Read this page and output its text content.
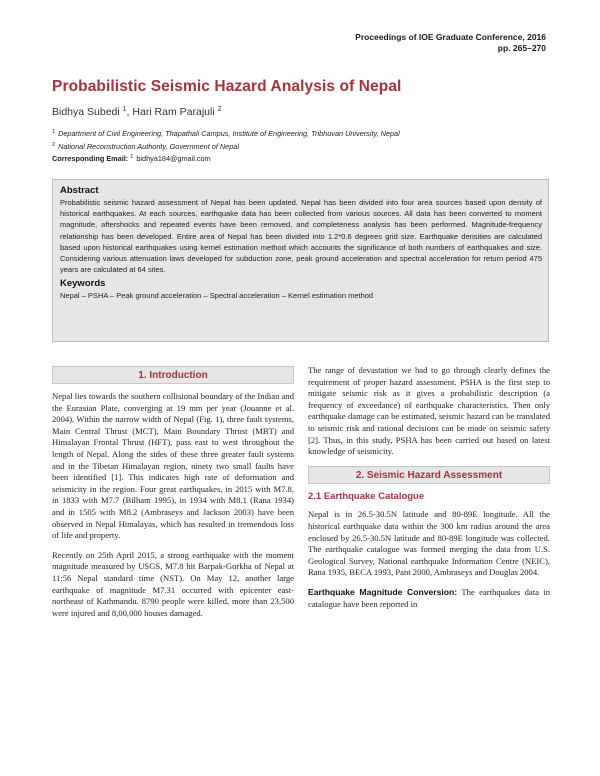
Proceedings of IOE Graduate Conference, 2016
pp. 265–270
Probabilistic Seismic Hazard Analysis of Nepal
Bidhya Subedi $^1$, Hari Ram Parajuli $^2$
$^1$ Department of Civil Engineering, Thapathali Campus, Institute of Engineering, Tribhuvan University, Nepal
$^2$ National Reconstruction Authority, Government of Nepal
Corresponding Email: $^1$ bidhya184@gmail.com
Abstract

Probabilistic seismic hazard assessment of Nepal has been updated. Nepal has been divided into four area sources based upon density of historical earthquakes. At each sources, earthquake data has been collected from various sources. All data has been converted to moment magnitude, aftershocks and repeated events have been removed, and completeness analysis has been performed. Magnitude-frequency relationship has been developed. Entire area of Nepal has been divided into 1.2*0.6 degrees grid size. Earthquake densities are calculated based upon historical earthquakes using kernel estimation method which accounts the significance of both numbers of earthquakes and size. Considering various attenuation laws developed for subduction zone, peak ground acceleration and spectral acceleration for return period 475 years are calculated at 64 sites.

Keywords

Nepal – PSHA – Peak ground acceleration – Spectral acceleration – Kernel estimation method

1. Introduction

Nepal lies towards the southern collisional boundary of the Indian and the Eurasian Plate, converging at 19 mm per year (Jouanne et al. 2004). Within the narrow width of Nepal (Fig. 1), three fault systems, Main Central Thrust (MCT), Main Boundary Thrust (MBT) and Himalayan Frontal Thrust (HFT), pass east to west throughout the length of Nepal. Along the sides of these three greater fault systems and in the Tibetan Himalayan region, ninety two small faults have been identified [1]. This indicates high rate of deformation and seismicity in the region. Four great earthquakes, in 2015 with M7.8, in 1833 with M7.7 (Bilham 1995), in 1934 with M8.1 (Rana 1934) and in 1505 with M8.2 (Ambraseys and Jackson 2003) have been observed in Nepal Himalayas, which has resulted in tremendous loss of life and property.

Recently on 25th April 2015, a strong earthquake with the moment magnitude measured by USGS, M7.8 hit Barpak-Gorkha of Nepal at 11:56 Nepal standard time (NST). On May 12, another large earthquake of magnitude M7.31 occurred with epicenter east-northeast of Kathmandu. 8790 people were killed, more than 23,500 were injured and 8,00,000 houses damaged.

The range of devastation we had to go through clearly defines the requirement of proper hazard assessment. PSHA is the first step to mitigate seismic risk as it gives a probabilistic description (a frequency of exceedance) of earthquake characteristics. Then only earthquake damage can be estimated, seismic hazard can be translated to seismic risk and rational decisions can be made on seismic safety [2]. Thus, in this study, PSHA has been carried out based on latest knowledge of seismicity.

2. Seismic Hazard Assessment
2.1 Earthquake Catalogue

Nepal is in 26.5-30.5N latitude and 80-89E longitude. All the historical earthquake data within the 300 km radius around the area enclosed by 26.5-30.5N latitude and 80-89E longitude was collected. The earthquake catalogue was formed merging the data from U.S. Geological Survey, National earthquake Information Centre (NEIC), Rana 1935, BECA 1993, Pant 2000, Ambraseys and Douglas 2004.

Earthquake Magnitude Conversion: The earthquakes data in catalogue have been reported in
